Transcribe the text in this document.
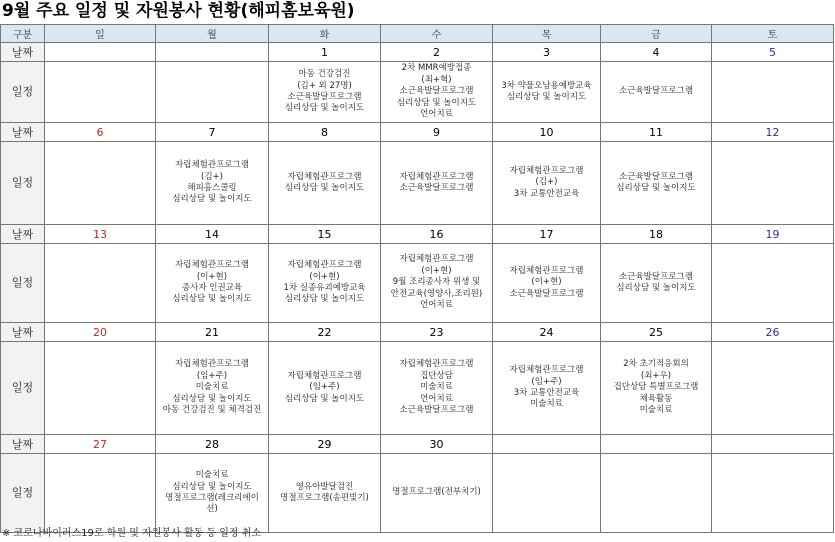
9월 주요 일정 및 자원봉사 현황(해피홈보육원)
구분	일	월	화	수	목	금	토
날짜			1	2	3	4	5
일정			아동 건강검진
(김+ 외 27명)
소근육발달프로그램
심리상담 및 놀이지도	2차 MMR예방접종
(최+혁)
소근육발달프로그램
심리상담 및 놀이지도
언어치료	3차 약물오남용예방교육
심리상담 및 놀이지도	소근육발달프로그램	

날짜	6	7	8	9	10	11	12
일정		자립체험관프로그램
(김+)
해피홈스쿨링
심리상담 및 놀이지도	자립체험관프로그램
심리상담 및 놀이지도	자립체험관프로그램
소근육발달프로그램	자립체험관프로그램
(김+)
3차 교통안전교육	소근육발달프로그램
심리상담 및 놀이지도	

날짜	13	14	15	16	17	18	19
일정		자립체험관프로그램
(이+현)
종사자 인권교육
심리상담 및 놀이지도	자립체험관프로그램
(이+현)
1차 실종유괴예방교육
심리상담 및 놀이지도	자립체험관프로그램
(이+현)
9월 조리종사자 위생 및
안전교육(영양사,조리원)
언어치료	자립체험관프로그램
(이+현)
소근육발달프로그램	소근육발달프로그램
심리상담 및 놀이지도	

날짜	20	21	22	23	24	25	26
일정		자립체험관프로그램
(임+주)
미술치료
심리상담 및 놀이지도
아동 건강검진 및 체격검진	자립체험관프로그램
(임+주)
심리상담 및 놀이지도	자립체험관프로그램
집단상담
미술치료
언어치료
소근육발달프로그램	자립체험관프로그램
(임+주)
3차 교통안전교육
미술치료	2차 초기적응회의
(최+우)
집단상담 특별프로그램
체육활동
미술치료	

날짜	27	28	29	30			
일정		미술치료
심리상담 및 놀이지도
명절프로그램(레크리에이
션)	영유아발달검진
명절프로그램(송편빚기)	명절프로그램(전부치기)			

※ 코로나바이러스19로 학원 및 자원봉사 활동 등 일정 취소
